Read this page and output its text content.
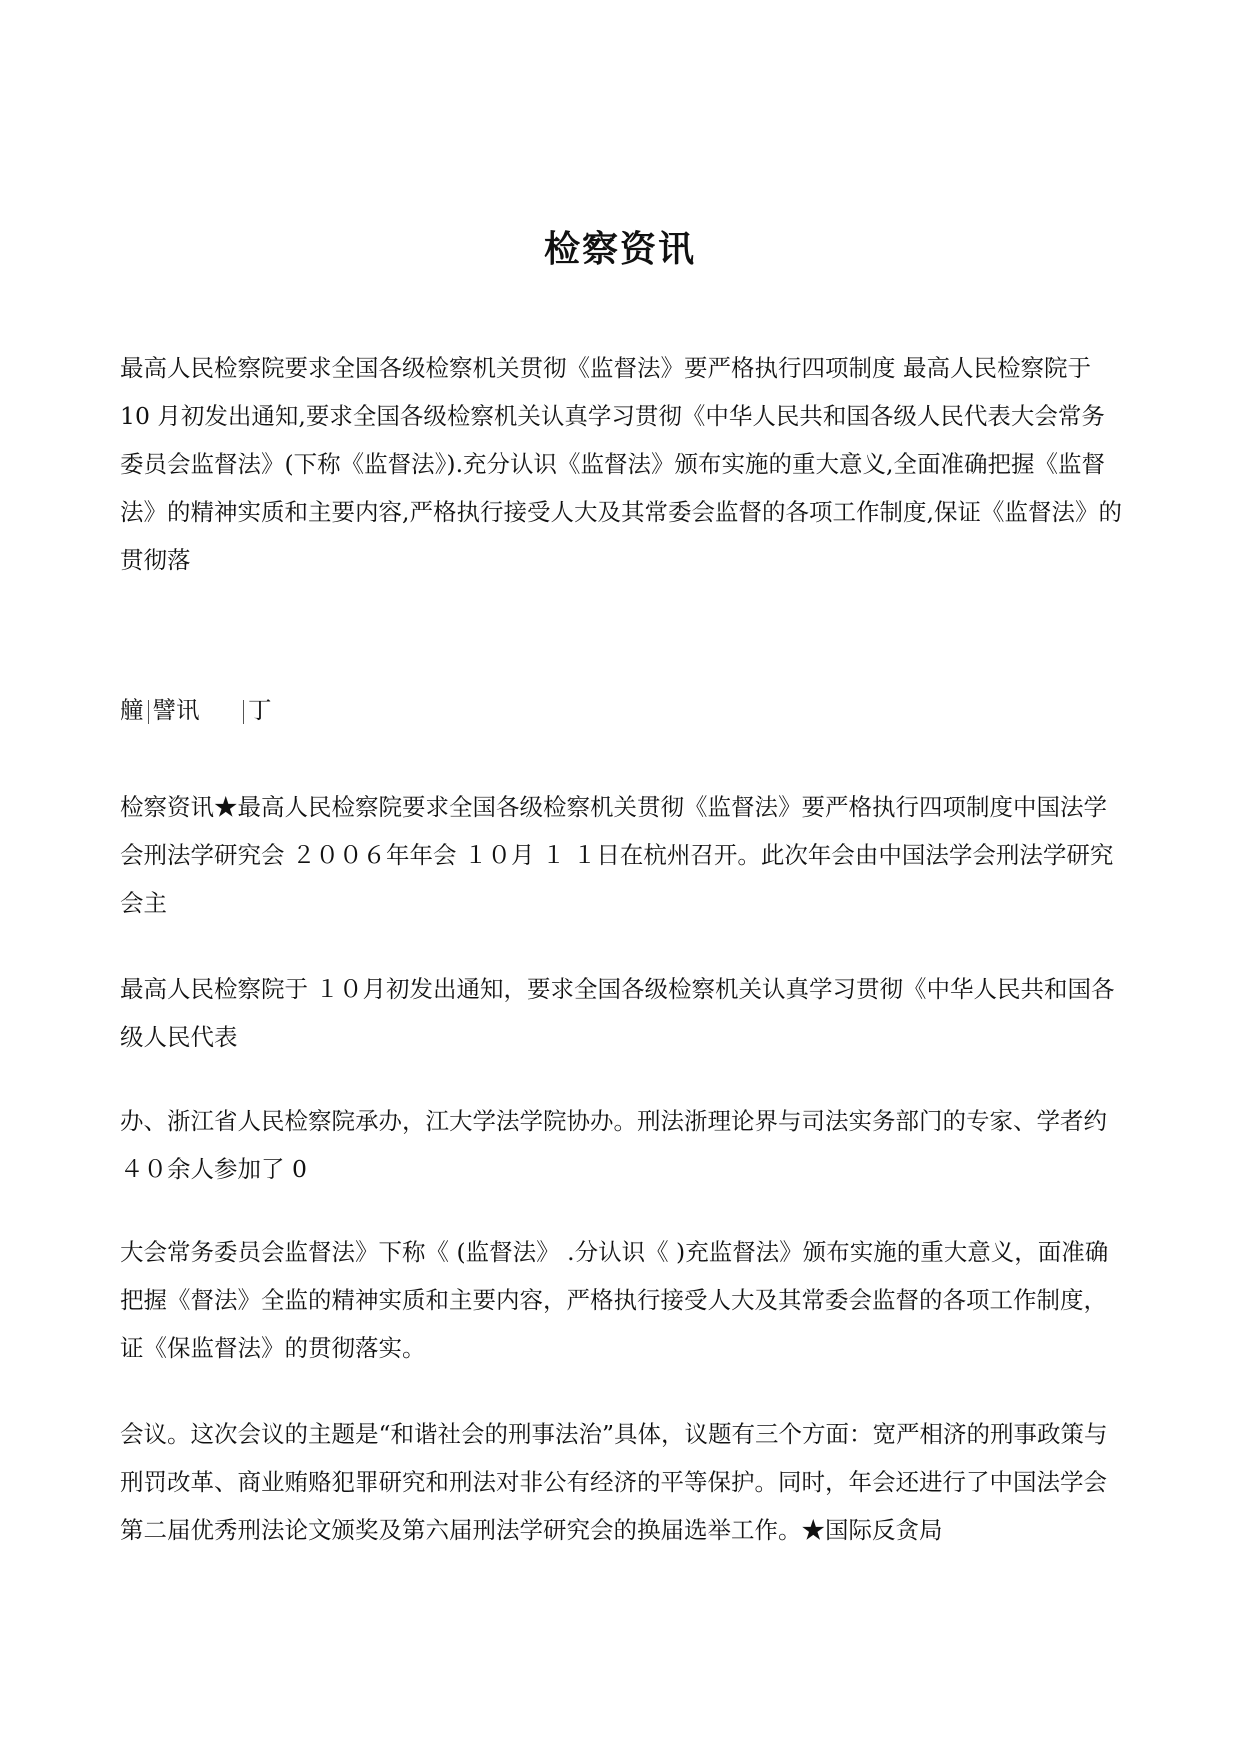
检察资讯

最高人民检察院要求全国各级检察机关贯彻《监督法》要严格执行四项制度 最高人民检察院于 10 月初发出通知,要求全国各级检察机关认真学习贯彻《中华人民共和国各级人民代表大会常务委员会监督法》(下称《监督法》).充分认识《监督法》颁布实施的重大意义,全面准确把握《监督法》的精神实质和主要内容,严格执行接受人大及其常委会监督的各项工作制度,保证《监督法》的贯彻落

艟 譬讯 ㆜

检察资讯★最高人民检察院要求全国各级检察机关贯彻《监督法》要严格执行四项制度中国法学会刑法学研究会 ２００６年年会 １０月 １ １日在杭州召开。此次年会由中国法学会刑法学研究会主

最高人民检察院于 １０月初发出通知，要求全国各级检察机关认真学习贯彻《中华人民共和国各级人民代表

办、浙江省人民检察院承办，江大学法学院协办。刑法浙理论界与司法实务部门的专家、学者约 ４０余人参加了 0

大会常务委员会监督法》下称《 (监督法》 .分认识《 )充监督法》颁布实施的重大意义，面准确把握《督法》全监的精神实质和主要内容，严格执行接受人大及其常委会监督的各项工作制度，证《保监督法》的贯彻落实。

会议。这次会议的主题是“和谐社会的刑事法治”具体，议题有三个方面：宽严相济的刑事政策与刑罚改革、商业贿赂犯罪研究和刑法对非公有经济的平等保护。同时，年会还进行了中国法学会第二届优秀刑法论文颁奖及第六届刑法学研究会的换届选举工作。★国际反贪局
